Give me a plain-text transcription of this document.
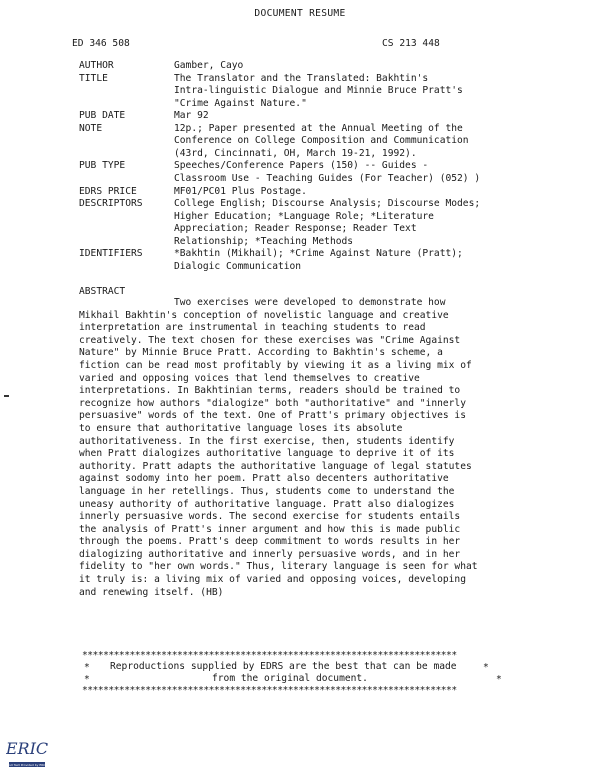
DOCUMENT RESUME
ED 346 508	CS 213 448
AUTHOR	Gamber, Cayo
TITLE	The Translator and the Translated: Bakhtin's
Intra-linguistic Dialogue and Minnie Bruce Pratt's
"Crime Against Nature."
PUB DATE	Mar 92
NOTE	12p.; Paper presented at the Annual Meeting of the
Conference on College Composition and Communication
(43rd, Cincinnati, OH, March 19-21, 1992).
PUB TYPE	Speeches/Conference Papers (150) -- Guides -
Classroom Use - Teaching Guides (For Teacher) (052) )
EDRS PRICE	MF01/PC01 Plus Postage.
DESCRIPTORS	College English; Discourse Analysis; Discourse Modes;
Higher Education; *Language Role; *Literature
Appreciation; Reader Response; Reader Text
Relationship; *Teaching Methods
IDENTIFIERS	*Bakhtin (Mikhail); *Crime Against Nature (Pratt);
Dialogic Communication
ABSTRACT
Two exercises were developed to demonstrate how
Mikhail Bakhtin's conception of novelistic language and creative
interpretation are instrumental in teaching students to read
creatively. The text chosen for these exercises was "Crime Against
Nature" by Minnie Bruce Pratt. According to Bakhtin's scheme, a
fiction can be read most profitably by viewing it as a living mix of
varied and opposing voices that lend themselves to creative
interpretations. In Bakhtinian terms, readers should be trained to
recognize how authors "dialogize" both "authoritative" and "innerly
persuasive" words of the text. One of Pratt's primary objectives is
to ensure that authoritative language loses its absolute
authoritativeness. In the first exercise, then, students identify
when Pratt dialogizes authoritative language to deprive it of its
authority. Pratt adapts the authoritative language of legal statutes
against sodomy into her poem. Pratt also decenters authoritative
language in her retellings. Thus, students come to understand the
uneasy authority of authoritative language. Pratt also dialogizes
innerly persuasive words. The second exercise for students entails
the analysis of Pratt's inner argument and how this is made public
through the poems. Pratt's deep commitment to words results in her
dialogizing authoritative and innerly persuasive words, and in her
fidelity to "her own words." Thus, literary language is seen for what
it truly is: a living mix of varied and opposing voices, developing
and renewing itself. (HB)
***********************************************************************
* Reproductions supplied by EDRS are the best that can be made	*
*	from the original document.	*
***********************************************************************
ERIC
Full Text Provided by ERIC
